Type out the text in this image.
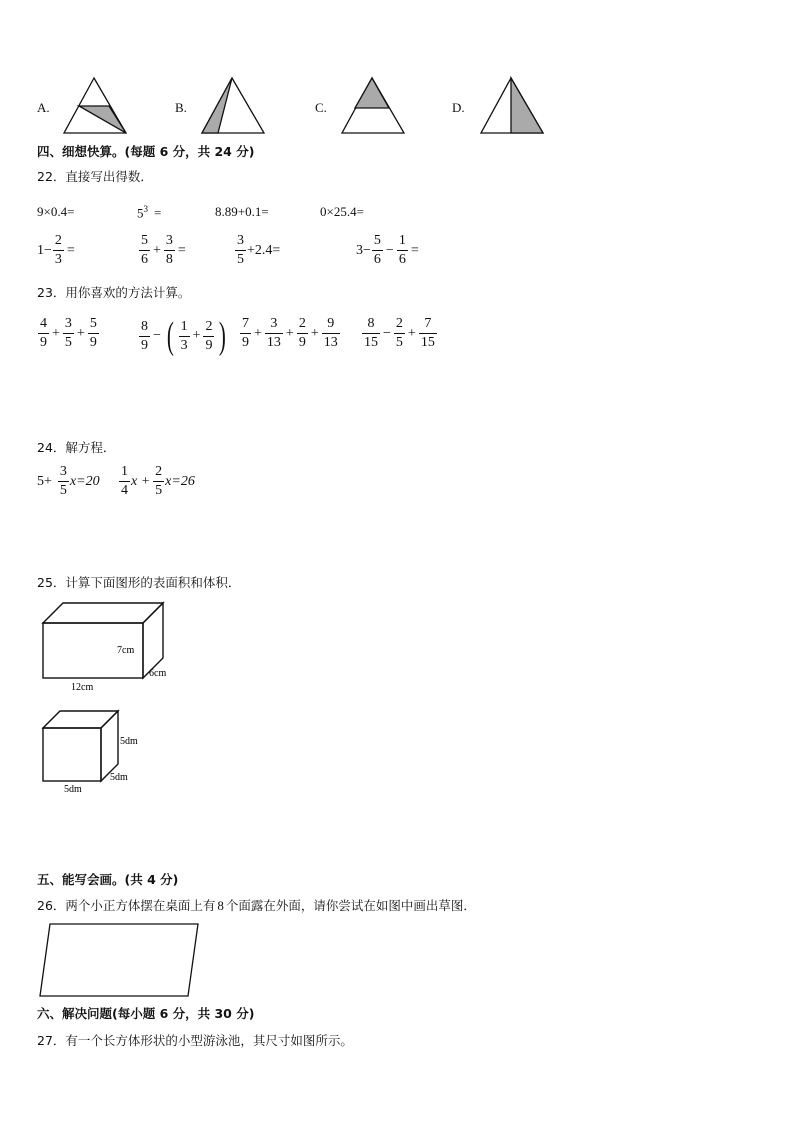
A.	B.	C.	D.
四、细想快算。(每题 6 分，共 24 分)
22．直接写出得数．
9×0.4=	$5^3$ =	8.89+0.1=	0×25.4=
$1- \frac{2}{3}$ =	$\frac{5}{6} + \frac{3}{8}$ =	$\frac{3}{5} +2.4=$	$3- \frac{5}{6} - \frac{1}{6}$ =
23．用你喜欢的方法计算。
$\frac{4}{9} + \frac{3}{5} + \frac{5}{9}$	$\frac{8}{9}$ − ( $\frac{1}{3} + \frac{2}{9}$ ) $\frac{7}{9} + \frac{3}{13} + \frac{2}{9} + \frac{9}{13} \frac{8}{15} - \frac{2}{5} + \frac{7}{15}$
24．解方程．
$5+ \frac{3}{5} x=20 \frac{1}{4}$ $x + \frac{2}{5} x=26$
25．计算下面图形的表面积和体积．
7cm
6cm
12cm
5dm
5dm
5dm
五、能写会画。(共 4 分)
26．两个小正方体摆在桌面上有 8 个面露在外面，请你尝试在如图中画出草图．
六、解决问题(每小题 6 分，共 30 分)
27．有一个长方体形状的小型游泳池，其尺寸如图所示。
